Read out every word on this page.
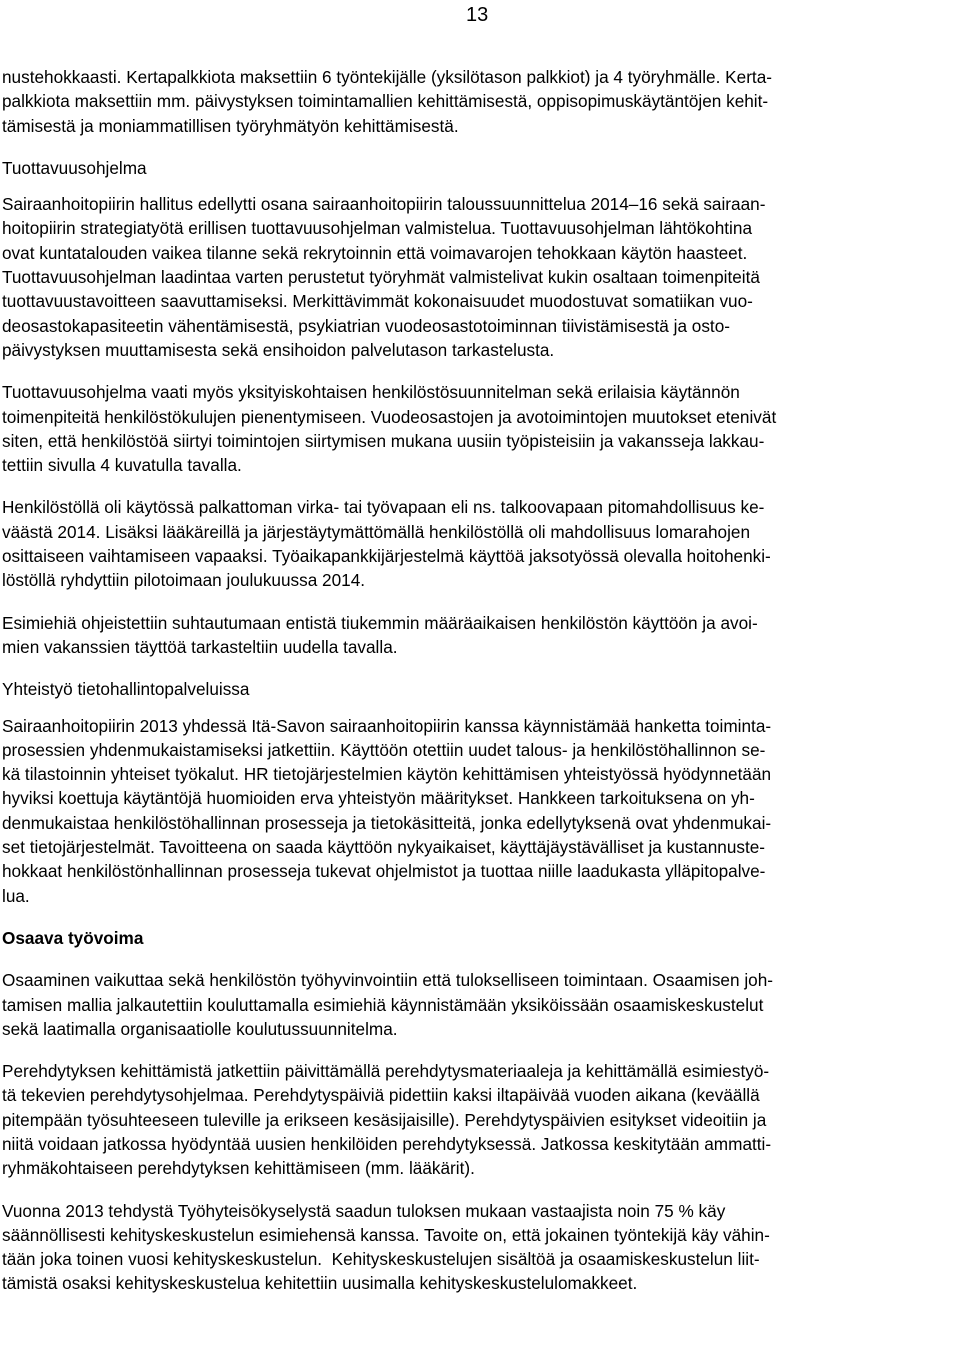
13
nustehokkaasti. Kertapalkkiota maksettiin 6 työntekijälle (yksilötason palkkiot) ja 4 työryhmälle. Kerta-
palkkiota maksettiin mm. päivystyksen toimintamallien kehittämisestä, oppisopimuskäytäntöjen kehit-
tämisestä ja moniammatillisen työryhmätyön kehittämisestä.
Tuottavuusohjelma
Sairaanhoitopiirin hallitus edellytti osana sairaanhoitopiirin taloussuunnittelua 2014–16 sekä sairaan-
hoitopiirin strategiatyötä erillisen tuottavuusohjelman valmistelua. Tuottavuusohjelman lähtökohtina
ovat kuntatalouden vaikea tilanne sekä rekrytoinnin että voimavarojen tehokkaan käytön haasteet.
Tuottavuusohjelman laadintaa varten perustetut työryhmät valmistelivat kukin osaltaan toimenpiteitä
tuottavuustavoitteen saavuttamiseksi. Merkittävimmät kokonaisuudet muodostuvat somatiikan vuo-
deosastokapasiteetin vähentämisestä, psykiatrian vuodeosastotoiminnan tiivistämisestä ja osto-
päivystyksen muuttamisesta sekä ensihoidon palvelutason tarkastelusta.
Tuottavuusohjelma vaati myös yksityiskohtaisen henkilöstösuunnitelman sekä erilaisia käytännön
toimenpiteitä henkilöstökulujen pienentymiseen. Vuodeosastojen ja avotoimintojen muutokset etenivät
siten, että henkilöstöä siirtyi toimintojen siirtymisen mukana uusiin työpisteisiin ja vakansseja lakkau-
tettiin sivulla 4 kuvatulla tavalla.
Henkilöstöllä oli käytössä palkattoman virka- tai työvapaan eli ns. talkoovapaan pitomahdollisuus ke-
väästä 2014. Lisäksi lääkäreillä ja järjestäytymättömällä henkilöstöllä oli mahdollisuus lomarahojen
osittaiseen vaihtamiseen vapaaksi. Työaikapankkijärjestelmä käyttöä jaksotyössä olevalla hoitohenki-
löstöllä ryhdyttiin pilotoimaan joulukuussa 2014.
Esimiehiä ohjeistettiin suhtautumaan entistä tiukemmin määräaikaisen henkilöstön käyttöön ja avoi-
mien vakanssien täyttöä tarkasteltiin uudella tavalla.
Yhteistyö tietohallintopalveluissa
Sairaanhoitopiirin 2013 yhdessä Itä-Savon sairaanhoitopiirin kanssa käynnistämää hanketta toiminta-
prosessien yhdenmukaistamiseksi jatkettiin. Käyttöön otettiin uudet talous- ja henkilöstöhallinnon se-
kä tilastoinnin yhteiset työkalut. HR tietojärjestelmien käytön kehittämisen yhteistyössä hyödynnetään
hyviksi koettuja käytäntöjä huomioiden erva yhteistyön määritykset. Hankkeen tarkoituksena on yh-
denmukaistaa henkilöstöhallinnan prosesseja ja tietokäsitteitä, jonka edellytyksenä ovat yhdenmukai-
set tietojärjestelmät. Tavoitteena on saada käyttöön nykyaikaiset, käyttäjäystävälliset ja kustannuste-
hokkaat henkilöstönhallinnan prosesseja tukevat ohjelmistot ja tuottaa niille laadukasta ylläpitopalve-
lua.
Osaava työvoima
Osaaminen vaikuttaa sekä henkilöstön työhyvinvointiin että tulokselliseen toimintaan. Osaamisen joh-
tamisen mallia jalkautettiin kouluttamalla esimiehiä käynnistämään yksiköissään osaamiskeskustelut
sekä laatimalla organisaatiolle koulutussuunnitelma.
Perehdytyksen kehittämistä jatkettiin päivittämällä perehdytysmateriaaleja ja kehittämällä esimiestyö-
tä tekevien perehdytysohjelmaa. Perehdytyspäiviä pidettiin kaksi iltapäivää vuoden aikana (keväällä
pitempään työsuhteeseen tuleville ja erikseen kesäsijaisille). Perehdytyspäivien esitykset videoitiin ja
niitä voidaan jatkossa hyödyntää uusien henkilöiden perehdytyksessä. Jatkossa keskitytään ammatti-
ryhmäkohtaiseen perehdytyksen kehittämiseen (mm. lääkärit).
Vuonna 2013 tehdystä Työhyteisökyselystä saadun tuloksen mukaan vastaajista noin 75 % käy
säännöllisesti kehityskeskustelun esimiehensä kanssa. Tavoite on, että jokainen työntekijä käy vähin-
tään joka toinen vuosi kehityskeskustelun.  Kehityskeskustelujen sisältöä ja osaamiskeskustelun liit-
tämistä osaksi kehityskeskustelua kehitettiin uusimalla kehityskeskustelulomakkeet.
